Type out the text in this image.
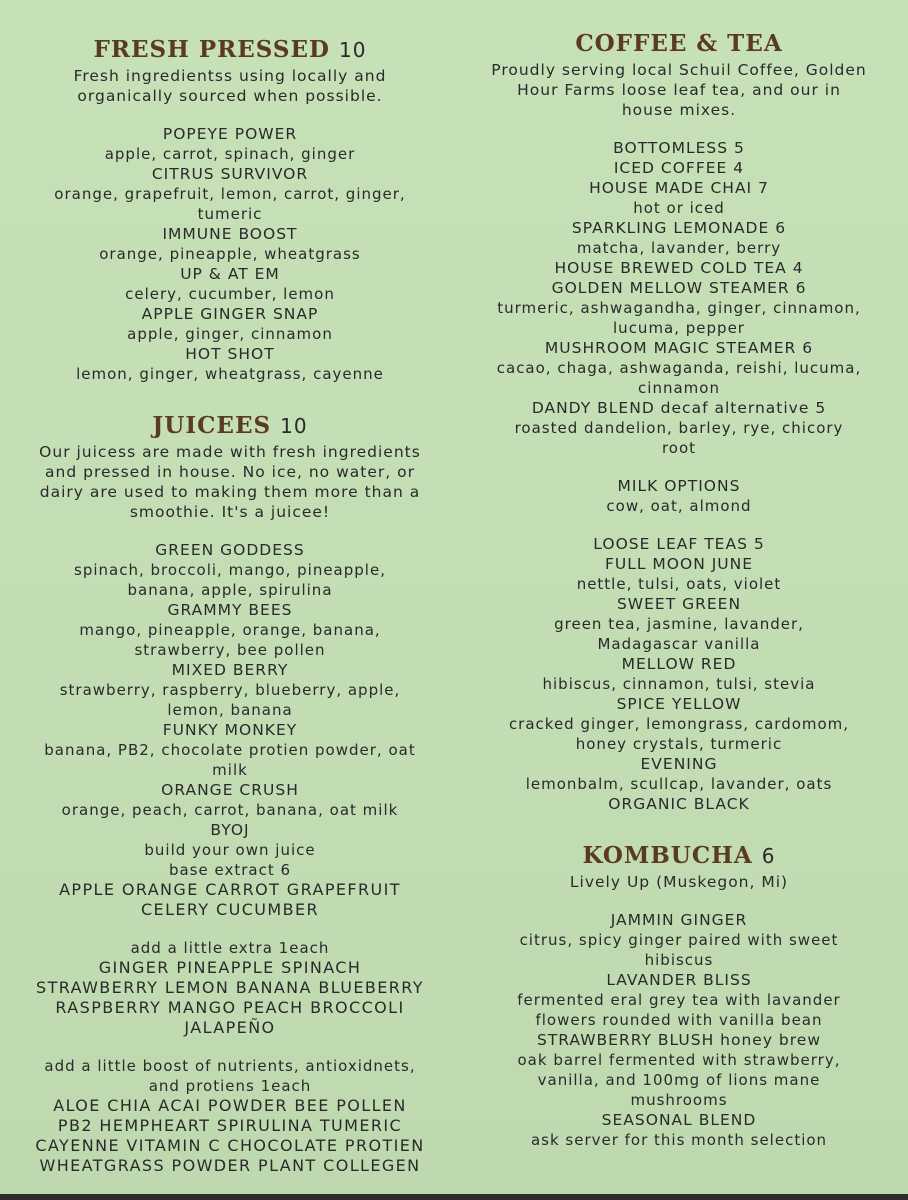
FRESH PRESSED 10
Fresh ingredientss using locally and
organically sourced when possible.
POPEYE POWER
apple, carrot, spinach, ginger
CITRUS SURVIVOR
orange, grapefruit, lemon, carrot, ginger,
tumeric
IMMUNE BOOST
orange, pineapple, wheatgrass
UP & AT EM
celery, cucumber, lemon
APPLE GINGER SNAP
apple, ginger, cinnamon
HOT SHOT
lemon, ginger, wheatgrass, cayenne
JUICEES 10
Our juicess are made with fresh ingredients
and pressed in house. No ice, no water, or
dairy are used to making them more than a
smoothie. It's a juicee!
GREEN GODDESS
spinach, broccoli, mango, pineapple,
banana, apple, spirulina
GRAMMY BEES
mango, pineapple, orange, banana,
strawberry, bee pollen
MIXED BERRY
strawberry, raspberry, blueberry, apple,
lemon, banana
FUNKY MONKEY
banana, PB2, chocolate protien powder, oat
milk
ORANGE CRUSH
orange, peach, carrot, banana, oat milk
BYOJ
build your own juice
base extract 6
APPLE ORANGE CARROT GRAPEFRUIT
CELERY CUCUMBER
add a little extra 1each
GINGER PINEAPPLE SPINACH
STRAWBERRY LEMON BANANA BLUEBERRY
RASPBERRY MANGO PEACH BROCCOLI
JALAPEÑO
add a little boost of nutrients, antioxidnets,
and protiens 1each
ALOE CHIA ACAI POWDER BEE POLLEN
PB2 HEMPHEART SPIRULINA TUMERIC
CAYENNE VITAMIN C CHOCOLATE PROTIEN
WHEATGRASS POWDER PLANT COLLEGEN
COFFEE & TEA
Proudly serving local Schuil Coffee, Golden
Hour Farms loose leaf tea, and our in
house mixes.
BOTTOMLESS 5
ICED COFFEE 4
HOUSE MADE CHAI 7
hot or iced
SPARKLING LEMONADE 6
matcha, lavander, berry
HOUSE BREWED COLD TEA 4
GOLDEN MELLOW STEAMER 6
turmeric, ashwagandha, ginger, cinnamon,
lucuma, pepper
MUSHROOM MAGIC STEAMER 6
cacao, chaga, ashwaganda, reishi, lucuma,
cinnamon
DANDY BLEND decaf alternative 5
roasted dandelion, barley, rye, chicory
root
MILK OPTIONS
cow, oat, almond
LOOSE LEAF TEAS 5
FULL MOON JUNE
nettle, tulsi, oats, violet
SWEET GREEN
green tea, jasmine, lavander,
Madagascar vanilla
MELLOW RED
hibiscus, cinnamon, tulsi, stevia
SPICE YELLOW
cracked ginger, lemongrass, cardomom,
honey crystals, turmeric
EVENING
lemonbalm, scullcap, lavander, oats
ORGANIC BLACK
KOMBUCHA 6
Lively Up (Muskegon, Mi)
JAMMIN GINGER
citrus, spicy ginger paired with sweet
hibiscus
LAVANDER BLISS
fermented eral grey tea with lavander
flowers rounded with vanilla bean
STRAWBERRY BLUSH honey brew
oak barrel fermented with strawberry,
vanilla, and 100mg of lions mane
mushrooms
SEASONAL BLEND
ask server for this month selection
